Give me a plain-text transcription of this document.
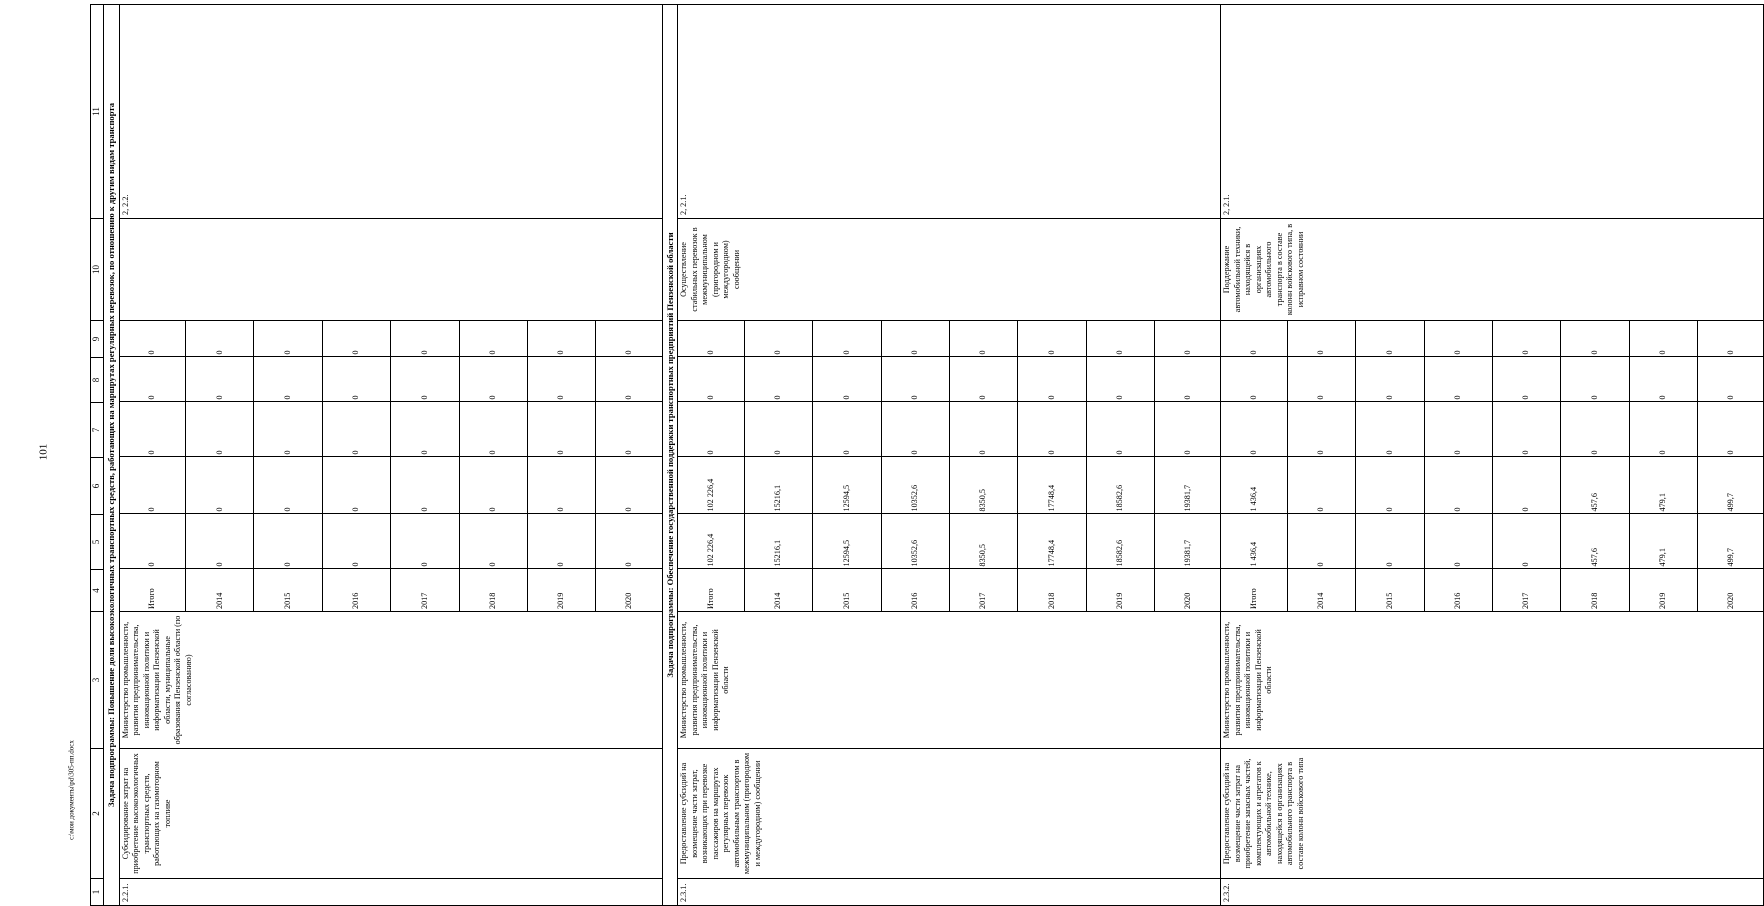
101
c:\мои документы\pd\305-пп.docx
1	2	3	4	5	6	7	8	9	10	11
Задача подпрограммы: Повышение доли высокоэкологичных транспортных средств, работающих на маршрутах регулярных перевозок, по отношению к другим видам транспорта
2.2.1.	Субсидирование затрат на приобретение высокоэкологичных транспортных средств, работающих на газомоторном топливе	Министерство промышленности, развития предпринимательства, инновационной политики и информатизации Пензенской области, муниципальные образования Пензенской области (по согласованию)	
Итого	0	0	0	0	0
2014	0	0	0	0	0
2015	0	0	0	0	0
2016	0	0	0	0	0
2017	0	0	0	0	0
2018	0	0	0	0	0
2019	0	0	0	0	0
2020	0	0	0	0	0
		2, 2.2.
Задача подпрограммы: Обеспечение государственной поддержки транспортных предприятий Пензенской области
2.3.1.	Предоставление субсидий на возмещение части затрат, возникающих при перевозке пассажиров на маршрутах регулярных перевозок автомобильным транспортом в межмуниципальном (пригородном и междугородном) сообщении	Министерство промышленности, развития предпринимательства, инновационной политики и информатизации Пензенской области	
Итого	102 226,4	102 226,4	0	0	0
2014	15216,1	15216,1	0	0	0
2015	12594,5	12594,5	0	0	0
2016	10352,6	10352,6	0	0	0
2017	8350,5	8350,5	0	0	0
2018	17748,4	17748,4	0	0	0
2019	18582,6	18582,6	0	0	0
2020	19381,7	19381,7	0	0	0
	Осуществление стабильных перевозок в межмуниципальном (пригородном и междугородном) сообщении	2, 2.1.
2.3.2.	Предоставление субсидий на возмещение части затрат на приобретение запасных частей, комплектующих и агрегатов к автомобильной технике, находящейся в организациях автомобильного транспорта в составе колонн войскового типа	Министерство промышленности, развития предпринимательства, инновационной политики и информатизации Пензенской области	
Итого	1 436,4	1 436,4	0	0	0
2014	0	0	0	0	0
2015	0	0	0	0	0
2016	0	0	0	0	0
2017	0	0	0	0	0
2018	457,6	457,6	0	0	0
2019	479,1	479,1	0	0	0
2020	499,7	499,7	0	0	0
	Поддержание автомобильной техники, находящейся в организациях автомобильного транспорта в составе колонн войскового типа, в исправном состоянии	2, 2.1.
